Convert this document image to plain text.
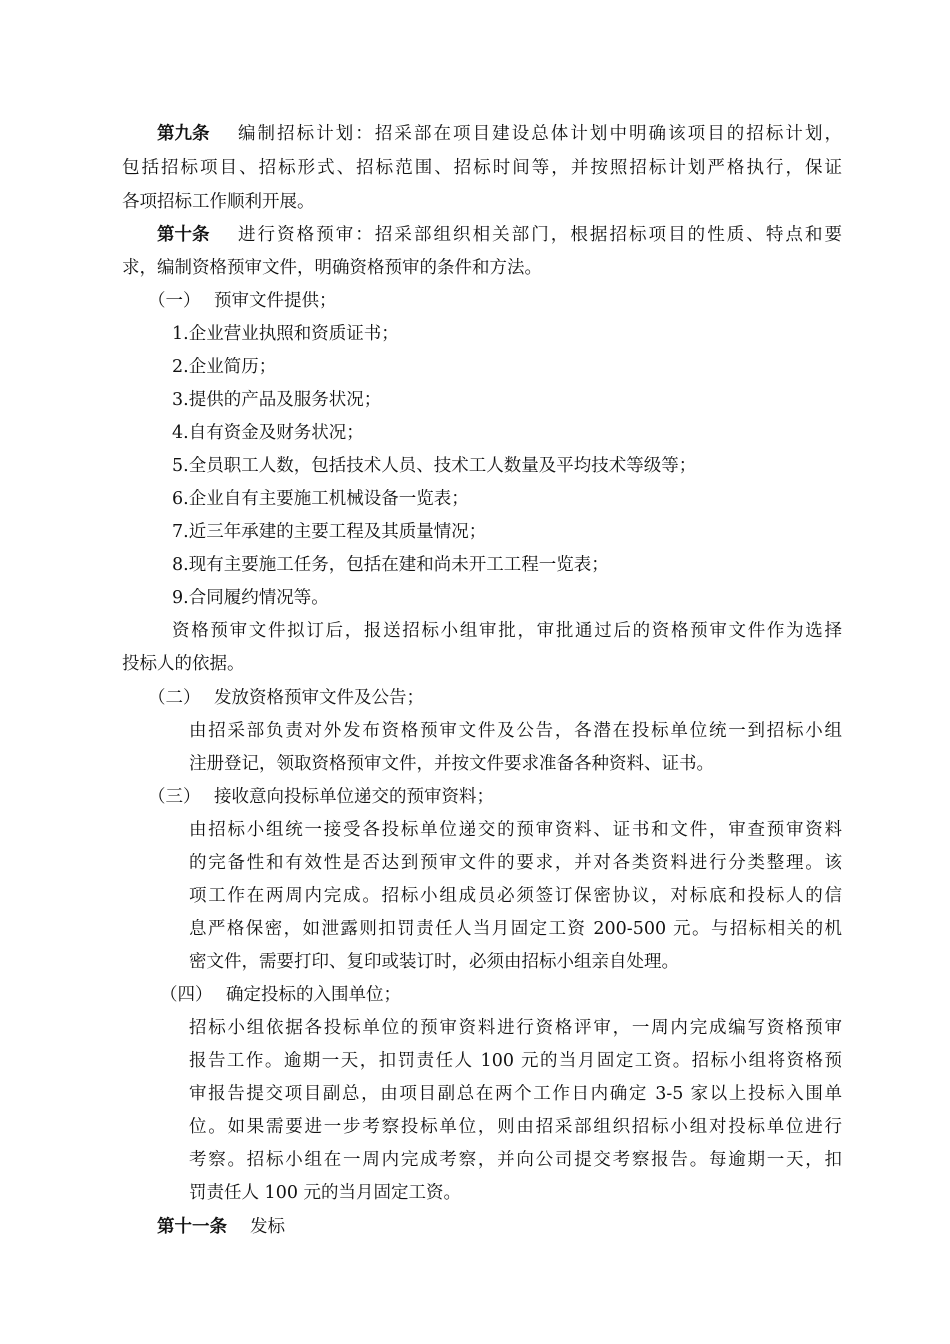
第九条 编制招标计划：招采部在项目建设总体计划中明确该项目的招标计划，
包括招标项目、招标形式、招标范围、招标时间等，并按照招标计划严格执行，保证
各项招标工作顺利开展。
第十条 进行资格预审：招采部组织相关部门，根据招标项目的性质、特点和要
求，编制资格预审文件，明确资格预审的条件和方法。
（一） 预审文件提供；
1.企业营业执照和资质证书；
2.企业简历；
3.提供的产品及服务状况；
4.自有资金及财务状况；
5.全员职工人数，包括技术人员、技术工人数量及平均技术等级等；
6.企业自有主要施工机械设备一览表；
7.近三年承建的主要工程及其质量情况；
8.现有主要施工任务，包括在建和尚未开工工程一览表；
9.合同履约情况等。
资格预审文件拟订后，报送招标小组审批，审批通过后的资格预审文件作为选择
投标人的依据。
（二） 发放资格预审文件及公告；
由招采部负责对外发布资格预审文件及公告，各潜在投标单位统一到招标小组
注册登记，领取资格预审文件，并按文件要求准备各种资料、证书。
（三） 接收意向投标单位递交的预审资料；
由招标小组统一接受各投标单位递交的预审资料、证书和文件，审查预审资料
的完备性和有效性是否达到预审文件的要求，并对各类资料进行分类整理。该
项工作在两周内完成。招标小组成员必须签订保密协议，对标底和投标人的信
息严格保密，如泄露则扣罚责任人当月固定工资 200-500 元。与招标相关的机
密文件，需要打印、复印或装订时，必须由招标小组亲自处理。
（四） 确定投标的入围单位；
招标小组依据各投标单位的预审资料进行资格评审，一周内完成编写资格预审
报告工作。逾期一天，扣罚责任人 100 元的当月固定工资。招标小组将资格预
审报告提交项目副总，由项目副总在两个工作日内确定 3-5 家以上投标入围单
位。如果需要进一步考察投标单位，则由招采部组织招标小组对投标单位进行
考察。招标小组在一周内完成考察，并向公司提交考察报告。每逾期一天，扣
罚责任人 100 元的当月固定工资。
第十一条 发标
